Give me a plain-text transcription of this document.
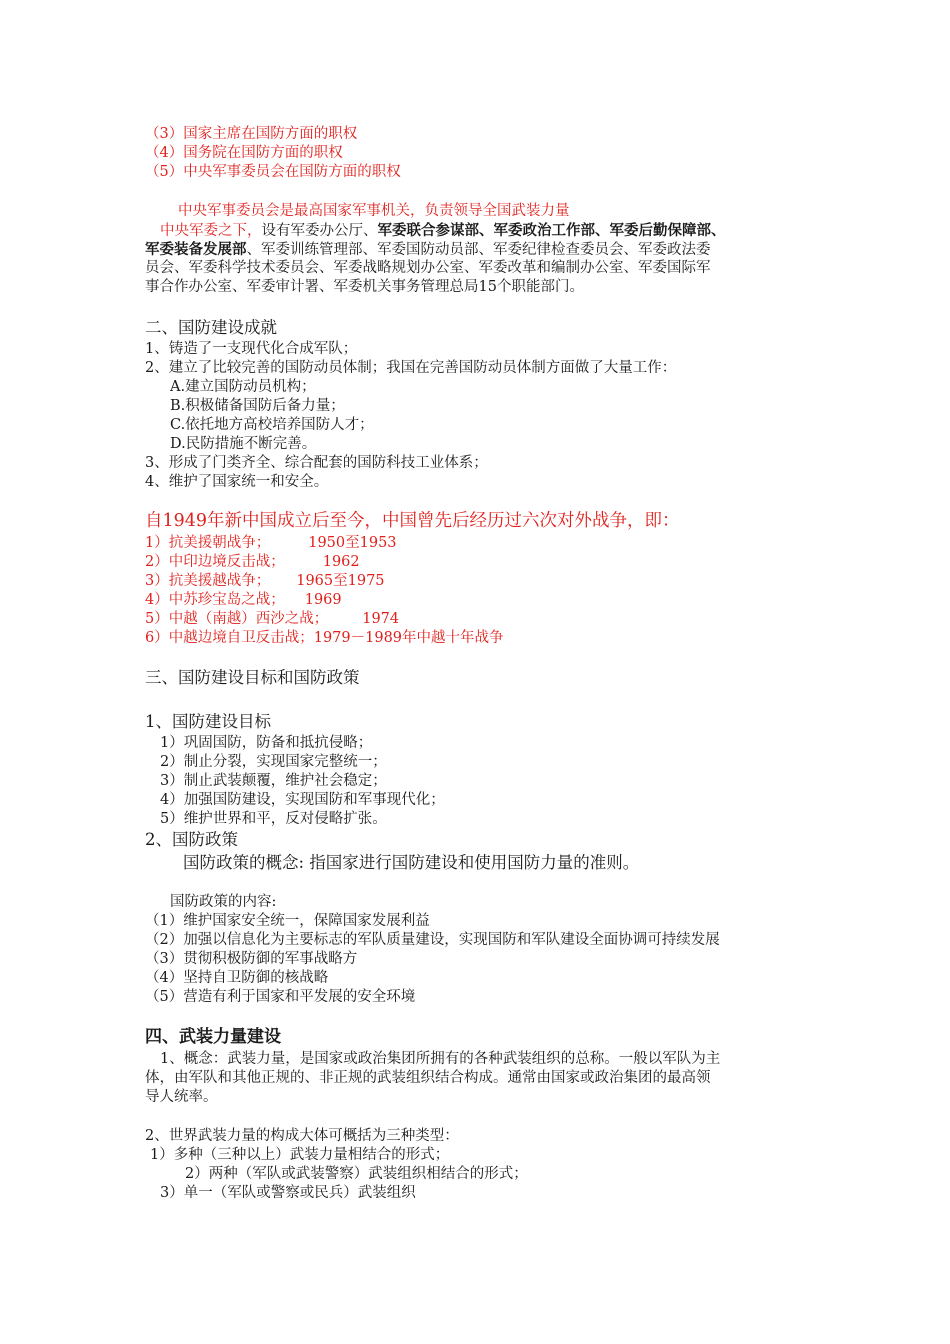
（3）国家主席在国防方面的职权
（4）国务院在国防方面的职权
（5）中央军事委员会在国防方面的职权
中央军事委员会是最高国家军事机关，负责领导全国武装力量
中央军委之下，设有军委办公厅、军委联合参谋部、军委政治工作部、军委后勤保障部、
军委装备发展部、军委训练管理部、军委国防动员部、军委纪律检查委员会、军委政法委
员会、军委科学技术委员会、军委战略规划办公室、军委改革和编制办公室、军委国际军
事合作办公室、军委审计署、军委机关事务管理总局15个职能部门。
二、国防建设成就
1、铸造了一支现代化合成军队；
2、建立了比较完善的国防动员体制；我国在完善国防动员体制方面做了大量工作：
A.建立国防动员机构；
B.积极储备国防后备力量；
C.依托地方高校培养国防人才；
D.民防措施不断完善。
3、形成了门类齐全、综合配套的国防科技工业体系；
4、维护了国家统一和安全。
自1949年新中国成立后至今，中国曾先后经历过六次对外战争，即：
1）抗美援朝战争；	1950至1953
2）中印边境反击战；	1962
3）抗美援越战争； 1965至1975
4）中苏珍宝岛之战； 1969
5）中越（南越）西沙之战； 1974
6）中越边境自卫反击战；1979－1989年中越十年战争
三、国防建设目标和国防政策
1、国防建设目标
1）巩固国防，防备和抵抗侵略；
2）制止分裂，实现国家完整统一；
3）制止武装颠覆，维护社会稳定；
4）加强国防建设，实现国防和军事现代化；
5）维护世界和平，反对侵略扩张。
2、国防政策
国防政策的概念: 指国家进行国防建设和使用国防力量的准则。
国防政策的内容:
（1）维护国家安全统一，保障国家发展利益
（2）加强以信息化为主要标志的军队质量建设，实现国防和军队建设全面协调可持续发展
（3）贯彻积极防御的军事战略方
（4）坚持自卫防御的核战略
（5）营造有利于国家和平发展的安全环境
四、武装力量建设
1、概念：武装力量，是国家或政治集团所拥有的各种武装组织的总称。一般以军队为主
体，由军队和其他正规的、非正规的武装组织结合构成。通常由国家或政治集团的最高领
导人统率。
2、世界武装力量的构成大体可概括为三种类型：
1）多种（三种以上）武装力量相结合的形式；
2）两种（军队或武装警察）武装组织相结合的形式；
3）单一（军队或警察或民兵）武装组织
